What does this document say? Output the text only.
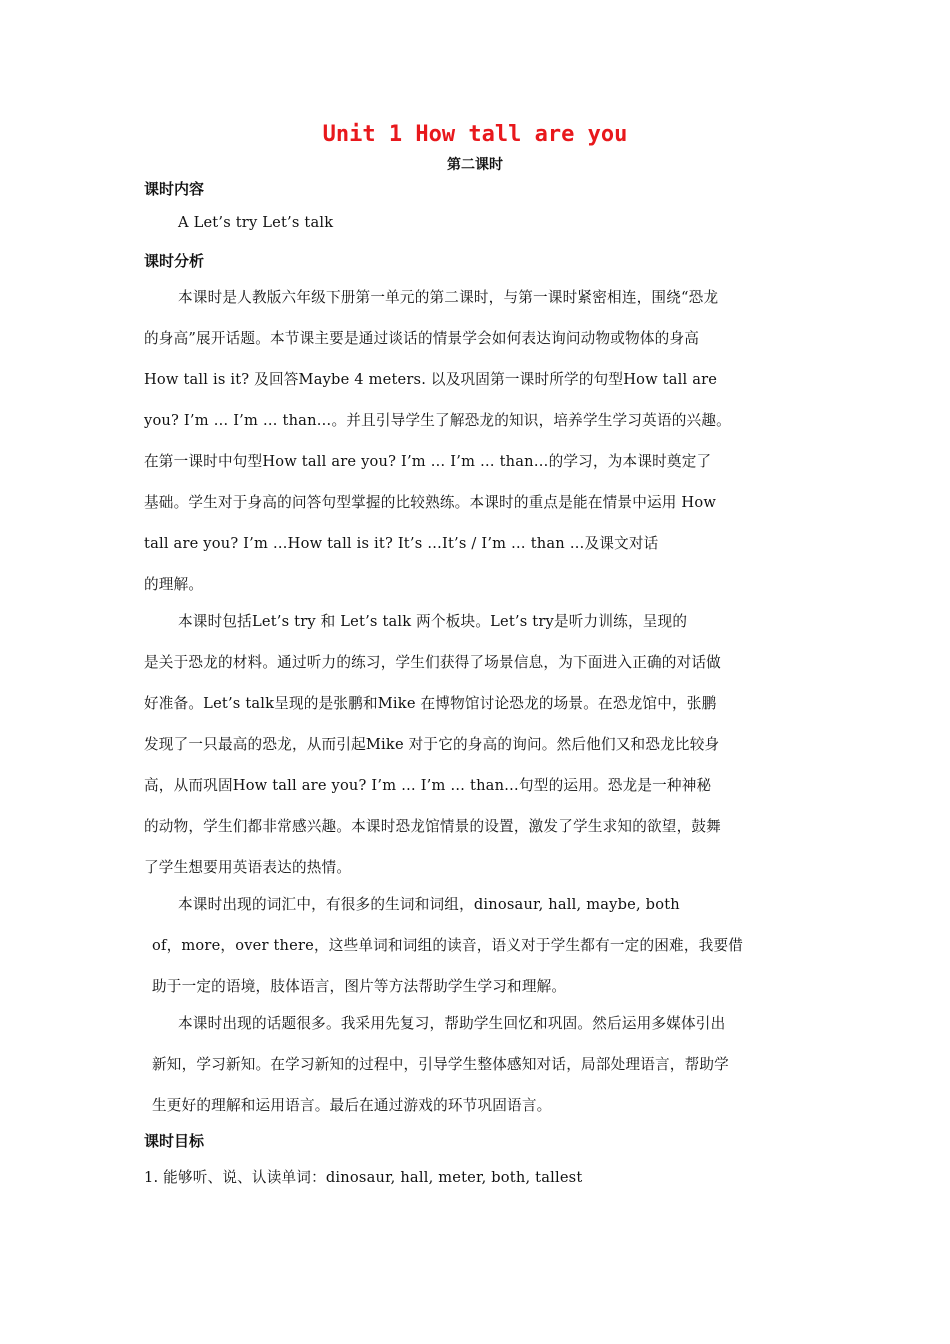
Unit 1 How tall are you
第二课时
课时内容
A Let’s try Let’s talk
课时分析
本课时是人教版六年级下册第一单元的第二课时，与第一课时紧密相连，围绕“恐龙
的身高”展开话题。本节课主要是通过谈话的情景学会如何表达询问动物或物体的身高
How tall is it? 及回答Maybe 4 meters. 以及巩固第一课时所学的句型How tall are
you? I’m … I’m … than…。并且引导学生了解恐龙的知识，培养学生学习英语的兴趣。
在第一课时中句型How tall are you? I’m … I’m … than…的学习，为本课时奠定了
基础。学生对于身高的问答句型掌握的比较熟练。本课时的重点是能在情景中运用 How
tall are you? I’m …How tall is it? It’s …It’s / I’m … than …及课文对话
的理解。
本课时包括Let’s try 和 Let’s talk 两个板块。Let’s try是听力训练，呈现的
是关于恐龙的材料。通过听力的练习，学生们获得了场景信息，为下面进入正确的对话做
好准备。Let’s talk呈现的是张鹏和Mike 在博物馆讨论恐龙的场景。在恐龙馆中，张鹏
发现了一只最高的恐龙，从而引起Mike 对于它的身高的询问。然后他们又和恐龙比较身
高，从而巩固How tall are you? I’m … I’m … than…句型的运用。恐龙是一种神秘
的动物，学生们都非常感兴趣。本课时恐龙馆情景的设置，激发了学生求知的欲望，鼓舞
了学生想要用英语表达的热情。
本课时出现的词汇中，有很多的生词和词组，dinosaur, hall, maybe, both
of，more，over there，这些单词和词组的读音，语义对于学生都有一定的困难，我要借
助于一定的语境，肢体语言，图片等方法帮助学生学习和理解。
本课时出现的话题很多。我采用先复习，帮助学生回忆和巩固。然后运用多媒体引出
新知，学习新知。在学习新知的过程中，引导学生整体感知对话，局部处理语言，帮助学
生更好的理解和运用语言。最后在通过游戏的环节巩固语言。
课时目标
1. 能够听、说、认读单词：dinosaur, hall, meter, both, tallest
